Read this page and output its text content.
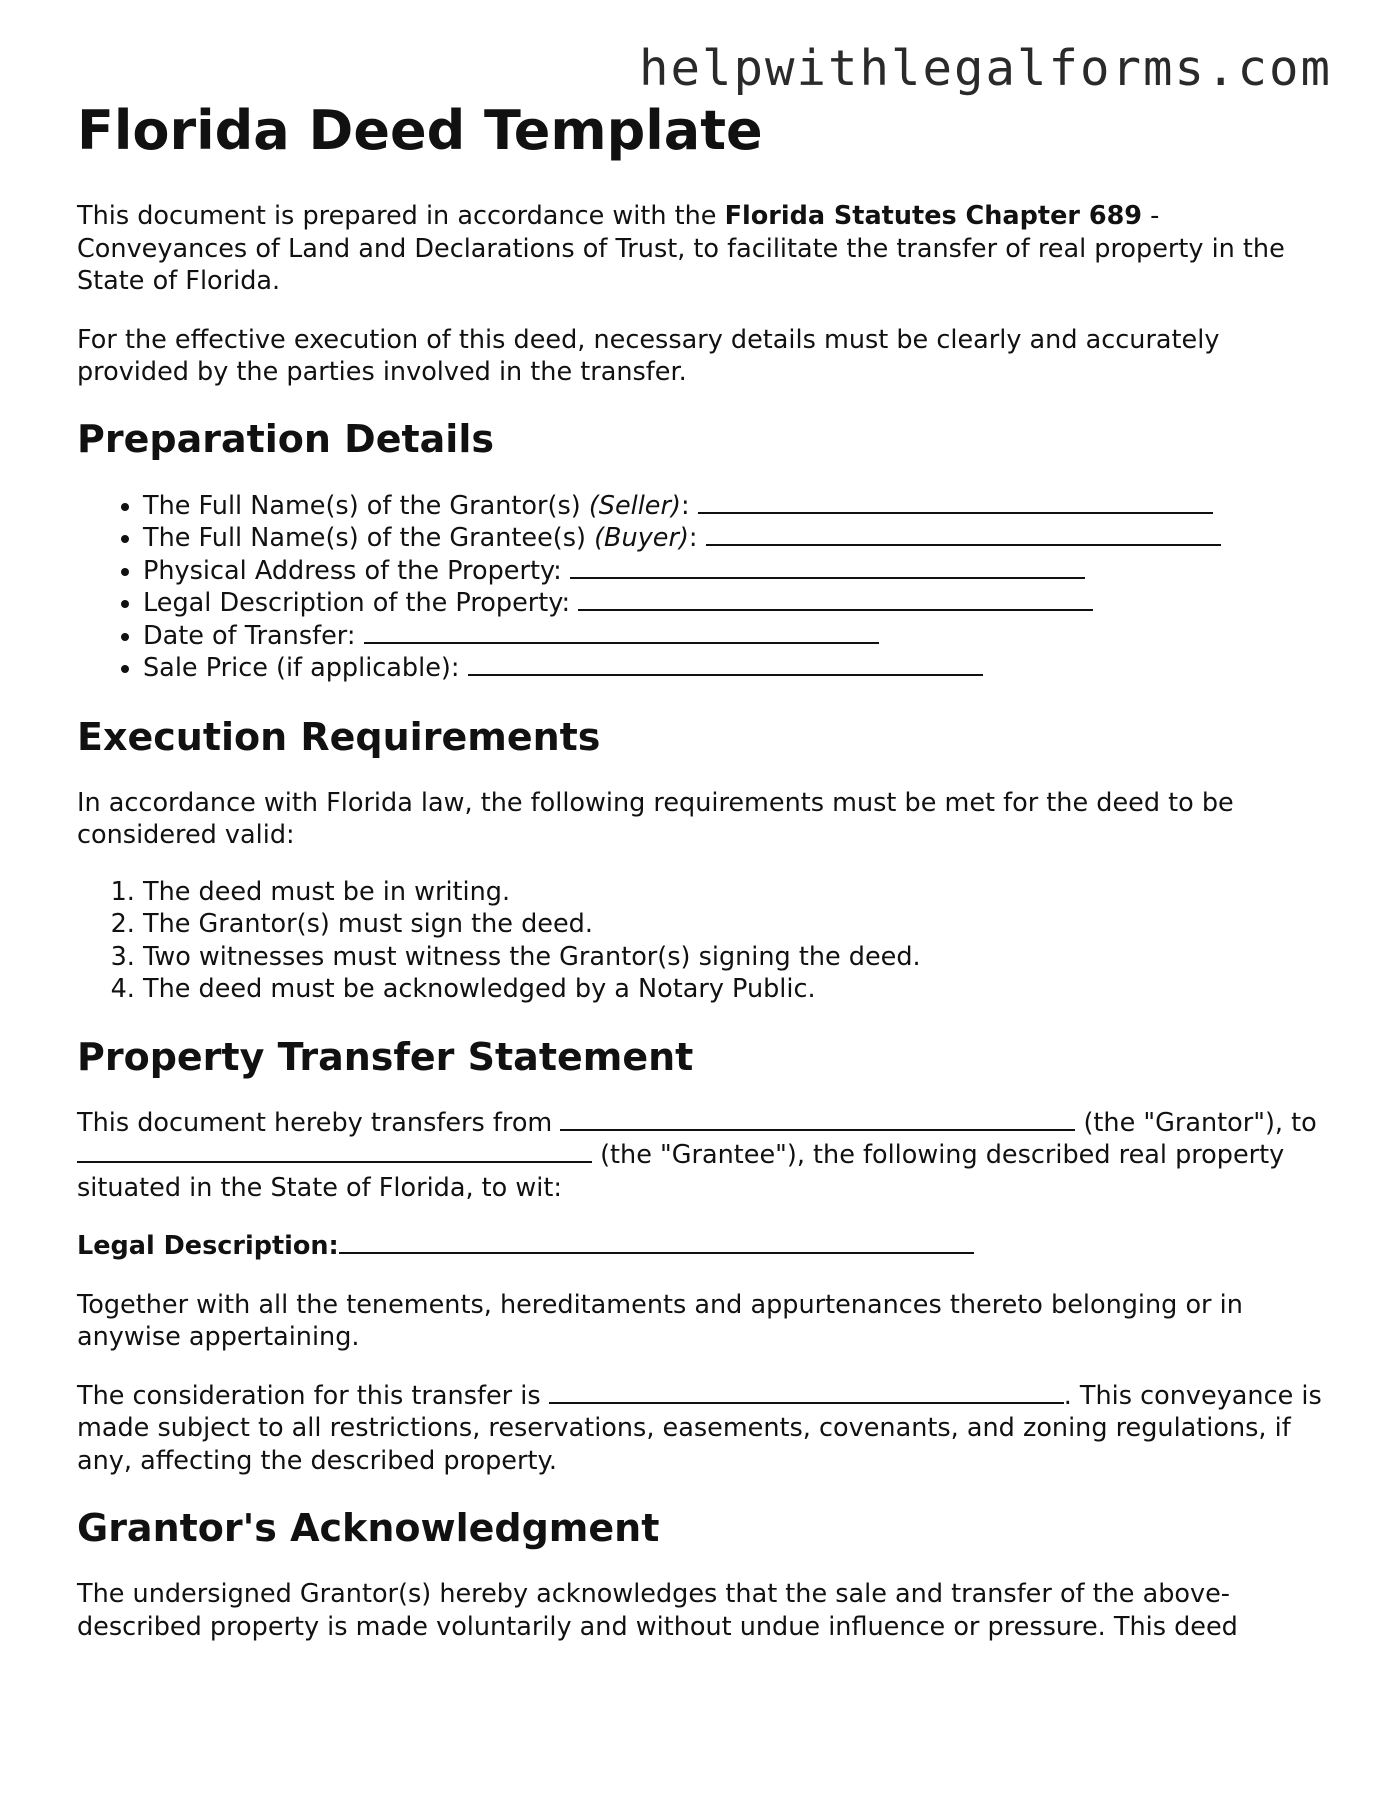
helpwithlegalforms.com
Florida Deed Template

This document is prepared in accordance with the Florida Statutes Chapter 689 - Conveyances of Land and Declarations of Trust, to facilitate the transfer of real property in the State of Florida.

For the effective execution of this deed, necessary details must be clearly and accurately provided by the parties involved in the transfer.

Preparation Details
• The Full Name(s) of the Grantor(s) (Seller):
• The Full Name(s) of the Grantee(s) (Buyer):
• Physical Address of the Property:
• Legal Description of the Property:
• Date of Transfer:
• Sale Price (if applicable):
Execution Requirements

In accordance with Florida law, the following requirements must be met for the deed to be considered valid:

1. The deed must be in writing.
2. The Grantor(s) must sign the deed.
3. Two witnesses must witness the Grantor(s) signing the deed.
4. The deed must be acknowledged by a Notary Public.
Property Transfer Statement

This document hereby transfers from	(the "Grantor"), to  (the "Grantee"), the following described real property situated in the State of Florida, to wit:

Legal Description:

Together with all the tenements, hereditaments and appurtenances thereto belonging or in anywise appertaining.

The consideration for this transfer is	. This conveyance is made subject to all restrictions, reservations, easements, covenants, and zoning regulations, if any, affecting the described property.

Grantor's Acknowledgment

The undersigned Grantor(s) hereby acknowledges that the sale and transfer of the above-described property is made voluntarily and without undue influence or pressure. This deed
